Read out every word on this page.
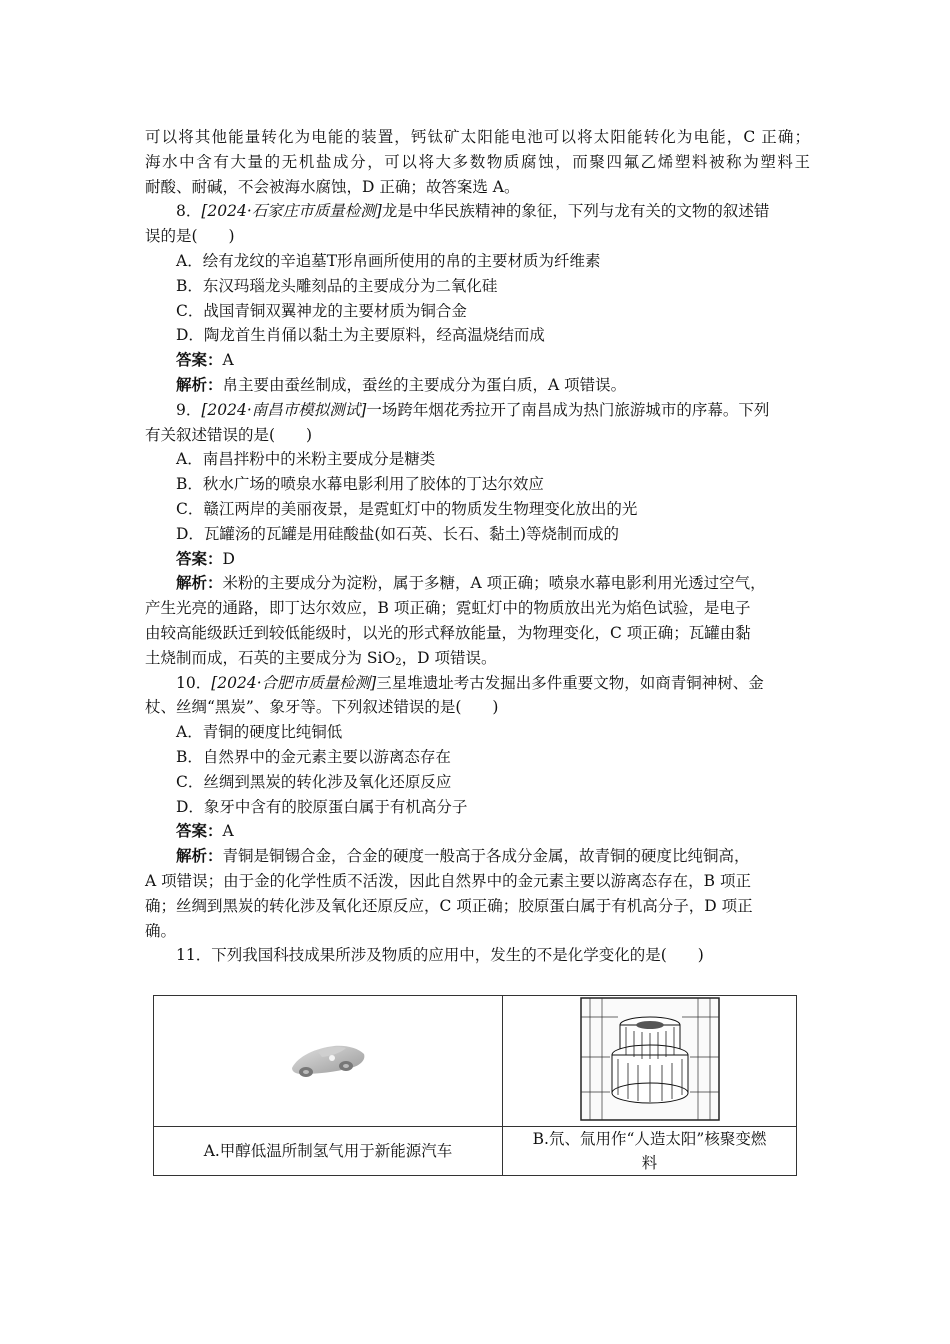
可以将其他能量转化为电能的装置，钙钛矿太阳能电池可以将太阳能转化为电能，C 正确；
海水中含有大量的无机盐成分，可以将大多数物质腐蚀，而聚四氟乙烯塑料被称为塑料王
耐酸、耐碱，不会被海水腐蚀，D 正确；故答案选 A。
8．[2024·石家庄市质量检测]龙是中华民族精神的象征，下列与龙有关的文物的叙述错
误的是(　　)
A．绘有龙纹的辛追墓T形帛画所使用的帛的主要材质为纤维素
B．东汉玛瑙龙头雕刻品的主要成分为二氧化硅
C．战国青铜双翼神龙的主要材质为铜合金
D．陶龙首生肖俑以黏土为主要原料，经高温烧结而成
答案：A
解析：帛主要由蚕丝制成，蚕丝的主要成分为蛋白质，A 项错误。
9．[2024·南昌市模拟测试]一场跨年烟花秀拉开了南昌成为热门旅游城市的序幕。下列
有关叙述错误的是(　　)
A．南昌拌粉中的米粉主要成分是糖类
B．秋水广场的喷泉水幕电影利用了胶体的丁达尔效应
C．赣江两岸的美丽夜景，是霓虹灯中的物质发生物理变化放出的光
D．瓦罐汤的瓦罐是用硅酸盐(如石英、长石、黏土)等烧制而成的
答案：D
解析：米粉的主要成分为淀粉，属于多糖，A 项正确；喷泉水幕电影利用光透过空气，
产生光亮的通路，即丁达尔效应，B 项正确；霓虹灯中的物质放出光为焰色试验，是电子
由较高能级跃迁到较低能级时，以光的形式释放能量，为物理变化，C 项正确；瓦罐由黏
土烧制而成，石英的主要成分为 SiO$_2$，D 项错误。
10．[2024·合肥市质量检测]三星堆遗址考古发掘出多件重要文物，如商青铜神树、金
杖、丝绸“黑炭”、象牙等。下列叙述错误的是(　　)
A．青铜的硬度比纯铜低
B．自然界中的金元素主要以游离态存在
C．丝绸到黑炭的转化涉及氧化还原反应
D．象牙中含有的胶原蛋白属于有机高分子
答案：A
解析：青铜是铜锡合金，合金的硬度一般高于各成分金属，故青铜的硬度比纯铜高，
A 项错误；由于金的化学性质不活泼，因此自然界中的金元素主要以游离态存在，B 项正
确；丝绸到黑炭的转化涉及氧化还原反应，C 项正确；胶原蛋白属于有机高分子，D 项正
确。
11．下列我国科技成果所涉及物质的应用中，发生的不是化学变化的是(　　)

A.甲醇低温所制氢气用于新能源汽车	B.氘、氚用作“人造太阳”核聚变燃
料
